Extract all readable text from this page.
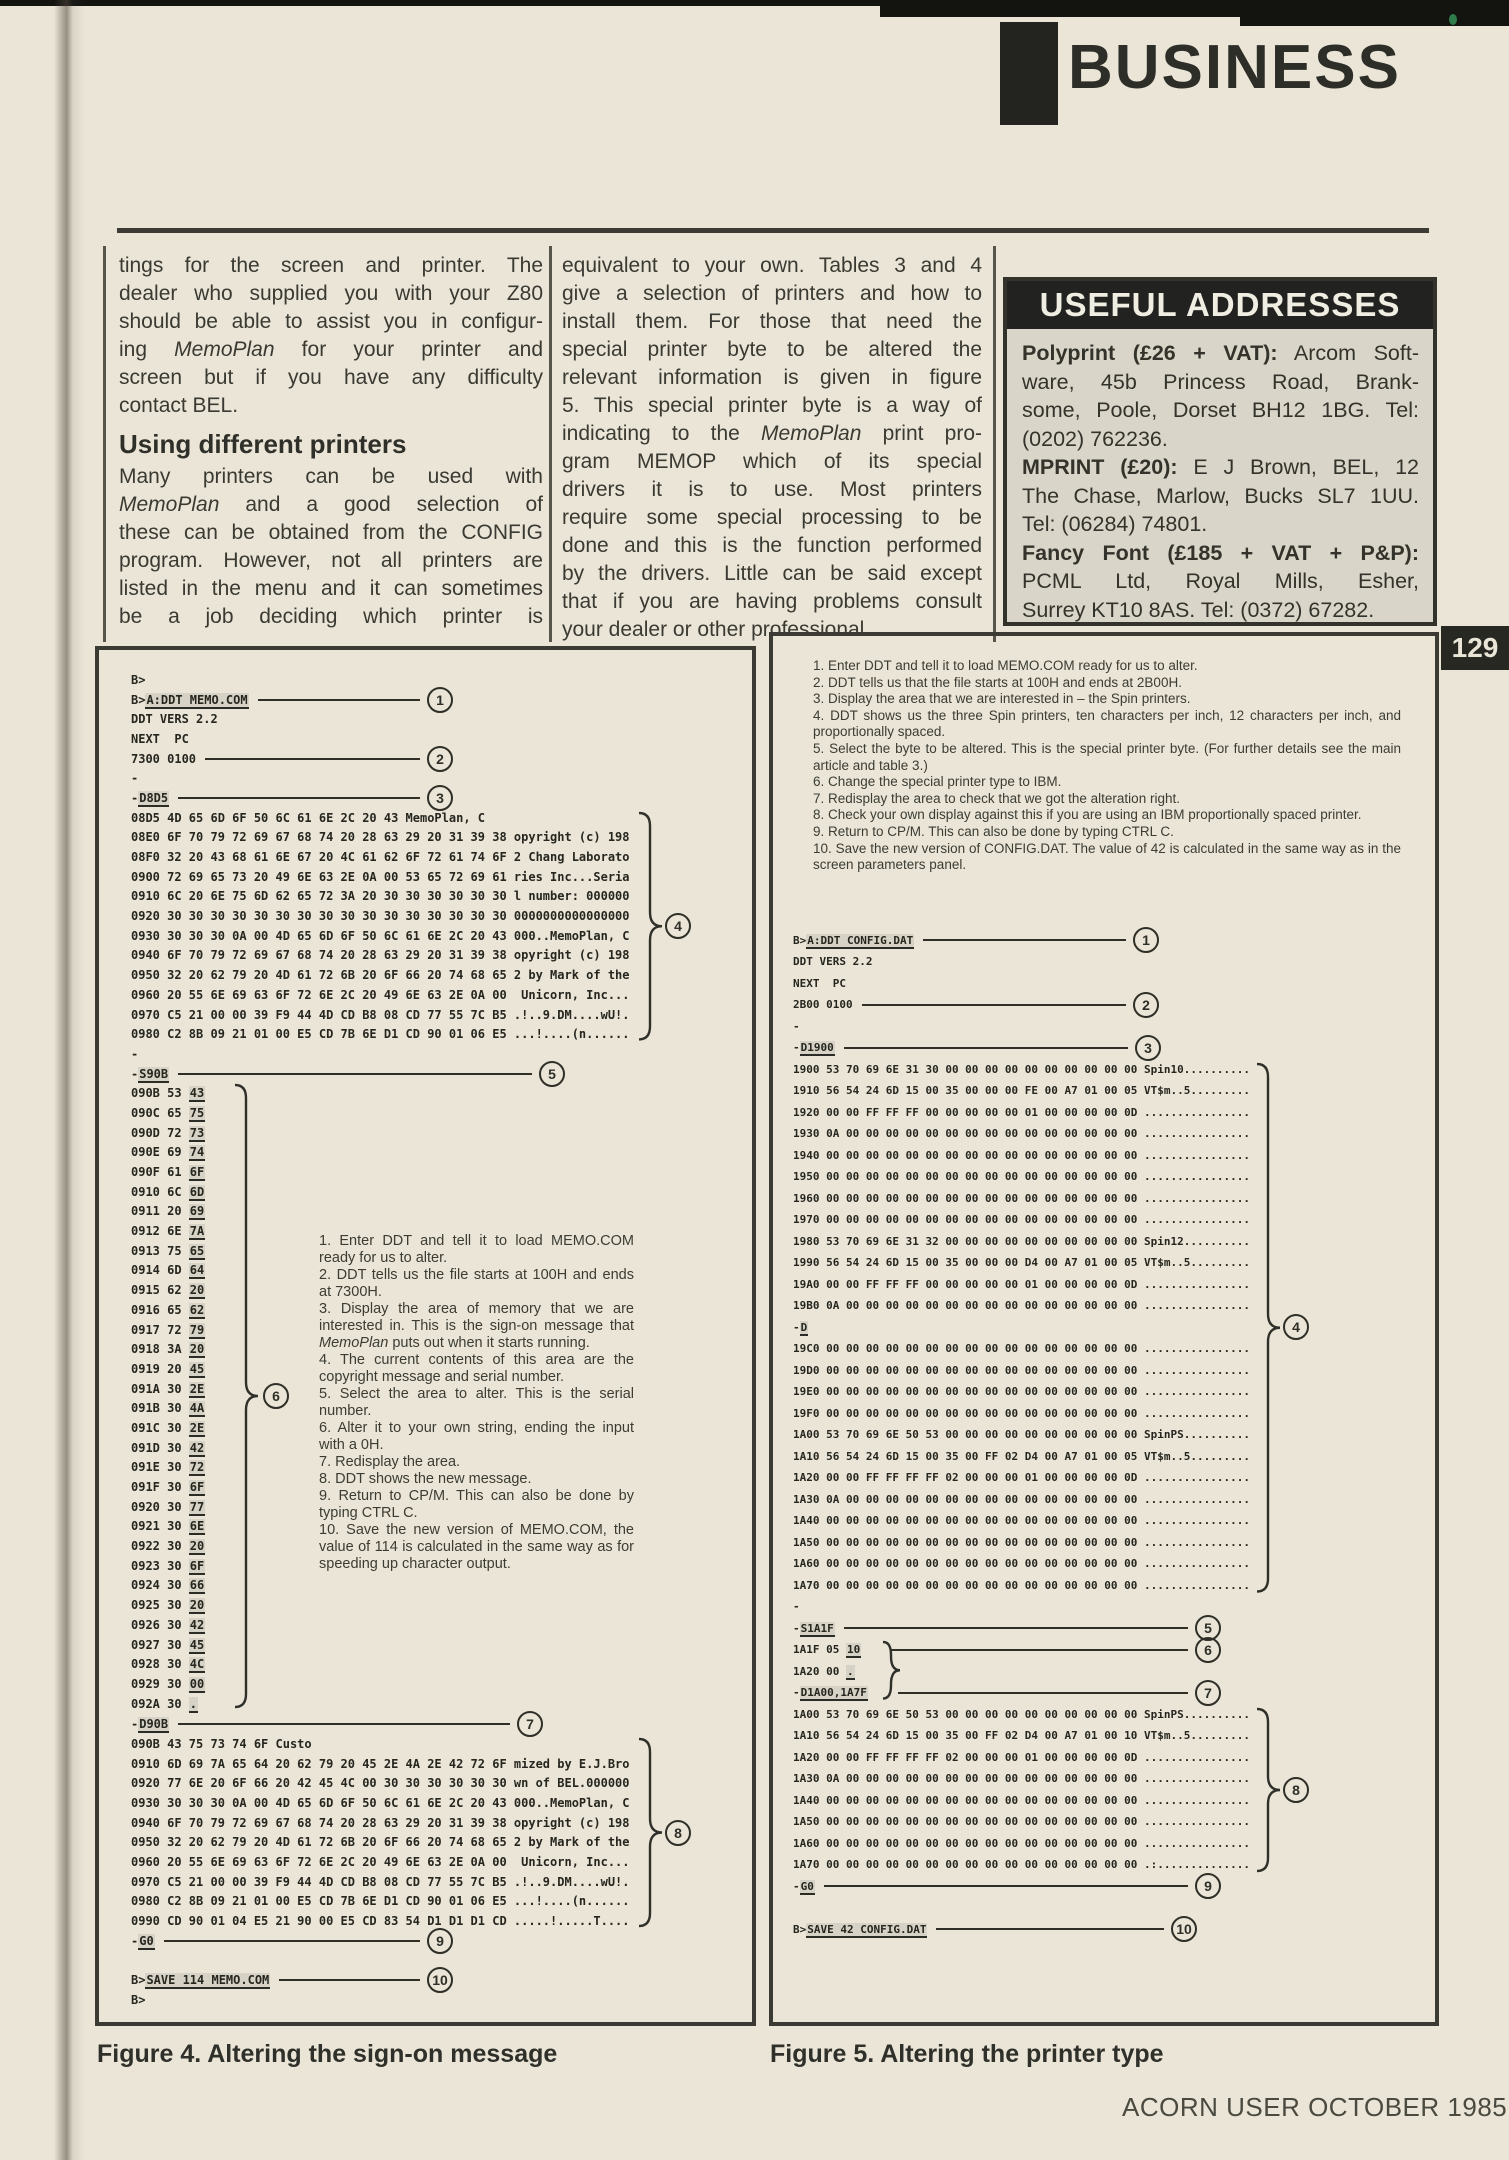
BUSINESS
tings for the screen and printer. The
dealer who supplied you with your Z80
should be able to assist you in configur-
ing MemoPlan for your printer and
screen but if you have any difficulty
contact BEL.
Using different printers
Many printers can be used with
MemoPlan and a good selection of
these can be obtained from the CONFIG
program. However, not all printers are
listed in the menu and it can sometimes
be a job deciding which printer is
equivalent to your own. Tables 3 and 4
give a selection of printers and how to
install them. For those that need the
special printer byte to be altered the
relevant information is given in figure
5. This special printer byte is a way of
indicating to the MemoPlan print pro-
gram MEMOP which of its special
drivers it is to use. Most printers
require some special processing to be
done and this is the function performed
by the drivers. Little can be said except
that if you are having problems consult
your dealer or other professional.
USEFUL ADDRESSES
Polyprint (£26 + VAT): Arcom Soft-
ware, 45b Princess Road, Brank-
some, Poole, Dorset BH12 1BG. Tel:
(0202) 762236.
MPRINT (£20): E J Brown, BEL, 12
The Chase, Marlow, Bucks SL7 1UU.
Tel: (06284) 74801.
Fancy Font (£185 + VAT + P&P):
PCML Ltd, Royal Mills, Esher,
Surrey KT10 8AS. Tel: (0372) 67282.
129
B>
B>A:DDT MEMO.COM	1
DDT VERS 2.2
NEXT  PC
7300 0100	2
-
-D8D5	3
08D5 4D 65 6D 6F 50 6C 61 6E 2C 20 43 MemoPlan, C
08E0 6F 70 79 72 69 67 68 74 20 28 63 29 20 31 39 38 opyright (c) 198
08F0 32 20 43 68 61 6E 67 20 4C 61 62 6F 72 61 74 6F 2 Chang Laborato
0900 72 69 65 73 20 49 6E 63 2E 0A 00 53 65 72 69 61 ries Inc...Seria
0910 6C 20 6E 75 6D 62 65 72 3A 20 30 30 30 30 30 30 l number: 000000
0920 30 30 30 30 30 30 30 30 30 30 30 30 30 30 30 30 0000000000000000
0930 30 30 30 0A 00 4D 65 6D 6F 50 6C 61 6E 2C 20 43 000..MemoPlan, C
0940 6F 70 79 72 69 67 68 74 20 28 63 29 20 31 39 38 opyright (c) 198
0950 32 20 62 79 20 4D 61 72 6B 20 6F 66 20 74 68 65 2 by Mark of the
0960 20 55 6E 69 63 6F 72 6E 2C 20 49 6E 63 2E 0A 00  Unicorn, Inc...
0970 C5 21 00 00 39 F9 44 4D CD B8 08 CD 77 55 7C B5 .!..9.DM....wU!.
0980 C2 8B 09 21 01 00 E5 CD 7B 6E D1 CD 90 01 06 E5 ...!....(n......
4
-
-S90B	5
090B 53 43
090C 65 75
090D 72 73
090E 69 74
090F 61 6F
0910 6C 6D
0911 20 69
0912 6E 7A
0913 75 65
0914 6D 64
0915 62 20
0916 65 62
0917 72 79
0918 3A 20
0919 20 45
091A 30 2E
091B 30 4A
091C 30 2E
091D 30 42
091E 30 72
091F 30 6F
0920 30 77
0921 30 6E
0922 30 20
0923 30 6F
0924 30 66
0925 30 20
0926 30 42
0927 30 45
0928 30 4C
0929 30 00
092A 30 .
6
1. Enter DDT and tell it to load MEMO.COM ready for us to alter.
2. DDT tells us the file starts at 100H and ends at 7300H.
3. Display the area of memory that we are interested in. This is the sign-on message that MemoPlan puts out when it starts running.
4. The current contents of this area are the copyright message and serial number.
5. Select the area to alter. This is the serial number.
6. Alter it to your own string, ending the input with a 0H.
7. Redisplay the area.
8. DDT shows the new message.
9. Return to CP/M. This can also be done by typing CTRL C.
10. Save the new version of MEMO.COM, the value of 114 is calculated in the same way as for speeding up character output.
-D90B	7
090B 43 75 73 74 6F Custo
0910 6D 69 7A 65 64 20 62 79 20 45 2E 4A 2E 42 72 6F mized by E.J.Bro
0920 77 6E 20 6F 66 20 42 45 4C 00 30 30 30 30 30 30 wn of BEL.000000
0930 30 30 30 0A 00 4D 65 6D 6F 50 6C 61 6E 2C 20 43 000..MemoPlan, C
0940 6F 70 79 72 69 67 68 74 20 28 63 29 20 31 39 38 opyright (c) 198
0950 32 20 62 79 20 4D 61 72 6B 20 6F 66 20 74 68 65 2 by Mark of the
0960 20 55 6E 69 63 6F 72 6E 2C 20 49 6E 63 2E 0A 00  Unicorn, Inc...
0970 C5 21 00 00 39 F9 44 4D CD B8 08 CD 77 55 7C B5 .!..9.DM....wU!.
0980 C2 8B 09 21 01 00 E5 CD 7B 6E D1 CD 90 01 06 E5 ...!....(n......
0990 CD 90 01 04 E5 21 90 00 E5 CD 83 54 D1 D1 D1 CD .....!.....T....
8
-G0	9

B>SAVE 114 MEMO.COM	10
B>
1. Enter DDT and tell it to load MEMO.COM ready for us to alter.
2. DDT tells us that the file starts at 100H and ends at 2B00H.
3. Display the area that we are interested in – the Spin printers.
4. DDT shows us the three Spin printers, ten characters per inch, 12 characters per inch, and proportionally spaced.
5. Select the byte to be altered. This is the special printer byte. (For further details see the main article and table 3.)
6. Change the special printer type to IBM.
7. Redisplay the area to check that we got the alteration right.
8. Check your own display against this if you are using an IBM proportionally spaced printer.
9. Return to CP/M. This can also be done by typing CTRL C.
10. Save the new version of CONFIG.DAT. The value of 42 is calculated in the same way as in the screen parameters panel.
B>A:DDT CONFIG.DAT	1
DDT VERS 2.2
NEXT  PC
2B00 0100	2
-
-D1900	3
1900 53 70 69 6E 31 30 00 00 00 00 00 00 00 00 00 00 Spin10..........
1910 56 54 24 6D 15 00 35 00 00 00 FE 00 A7 01 00 05 VT$m..5.........
1920 00 00 FF FF FF 00 00 00 00 00 01 00 00 00 00 0D ................
1930 0A 00 00 00 00 00 00 00 00 00 00 00 00 00 00 00 ................
1940 00 00 00 00 00 00 00 00 00 00 00 00 00 00 00 00 ................
1950 00 00 00 00 00 00 00 00 00 00 00 00 00 00 00 00 ................
1960 00 00 00 00 00 00 00 00 00 00 00 00 00 00 00 00 ................
1970 00 00 00 00 00 00 00 00 00 00 00 00 00 00 00 00 ................
1980 53 70 69 6E 31 32 00 00 00 00 00 00 00 00 00 00 Spin12..........
1990 56 54 24 6D 15 00 35 00 00 00 D4 00 A7 01 00 05 VT$m..5.........
19A0 00 00 FF FF FF 00 00 00 00 00 01 00 00 00 00 0D ................
19B0 0A 00 00 00 00 00 00 00 00 00 00 00 00 00 00 00 ................
-D
19C0 00 00 00 00 00 00 00 00 00 00 00 00 00 00 00 00 ................
19D0 00 00 00 00 00 00 00 00 00 00 00 00 00 00 00 00 ................
19E0 00 00 00 00 00 00 00 00 00 00 00 00 00 00 00 00 ................
19F0 00 00 00 00 00 00 00 00 00 00 00 00 00 00 00 00 ................
1A00 53 70 69 6E 50 53 00 00 00 00 00 00 00 00 00 00 SpinPS..........
1A10 56 54 24 6D 15 00 35 00 FF 02 D4 00 A7 01 00 05 VT$m..5.........
1A20 00 00 FF FF FF FF 02 00 00 00 01 00 00 00 00 0D ................
1A30 0A 00 00 00 00 00 00 00 00 00 00 00 00 00 00 00 ................
1A40 00 00 00 00 00 00 00 00 00 00 00 00 00 00 00 00 ................
1A50 00 00 00 00 00 00 00 00 00 00 00 00 00 00 00 00 ................
1A60 00 00 00 00 00 00 00 00 00 00 00 00 00 00 00 00 ................
1A70 00 00 00 00 00 00 00 00 00 00 00 00 00 00 00 00 ................
4
-
-S1A1F	5
1A1F 05 10	6
1A20 00 .
-D1A00,1A7F	7
1A00 53 70 69 6E 50 53 00 00 00 00 00 00 00 00 00 00 SpinPS..........
1A10 56 54 24 6D 15 00 35 00 FF 02 D4 00 A7 01 00 10 VT$m..5.........
1A20 00 00 FF FF FF FF 02 00 00 00 01 00 00 00 00 0D ................
1A30 0A 00 00 00 00 00 00 00 00 00 00 00 00 00 00 00 ................
1A40 00 00 00 00 00 00 00 00 00 00 00 00 00 00 00 00 ................
1A50 00 00 00 00 00 00 00 00 00 00 00 00 00 00 00 00 ................
1A60 00 00 00 00 00 00 00 00 00 00 00 00 00 00 00 00 ................
1A70 00 00 00 00 00 00 00 00 00 00 00 00 00 00 00 00 .:..............
8
-G0	9

B>SAVE 42 CONFIG.DAT	10
Figure 4. Altering the sign-on message	Figure 5. Altering the printer type
ACORN USER OCTOBER 1985
